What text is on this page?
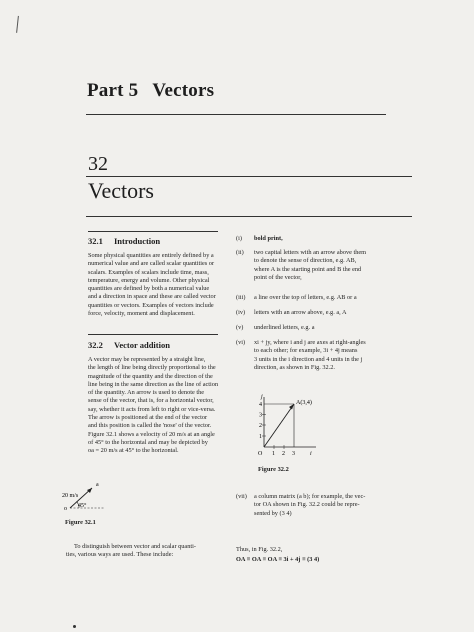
Part 5 Vectors
32
Vectors
32.1 Introduction
Some physical quantities are entirely defined by a
numerical value and are called scalar quantities or
scalars. Examples of scalars include time, mass,
temperature, energy and volume. Other physical
quantities are defined by both a numerical value
and a direction in space and these are called vector
quantities or vectors. Examples of vectors include
force, velocity, moment and displacement.
32.2 Vector addition
A vector may be represented by a straight line,
the length of line being directly proportional to the
magnitude of the quantity and the direction of the
line being in the same direction as the line of action
of the quantity. An arrow is used to denote the
sense of the vector, that is, for a horizontal vector,
say, whether it acts from left to right or vice-versa.
The arrow is positioned at the end of the vector
and this position is called the 'nose' of the vector.
Figure 32.1 shows a velocity of 20 m/s at an angle
of 45° to the horizontal and may be depicted by
oa = 20 m/s at 45° to the horizontal.
a
20 m/s
o 45°
Figure 32.1
To distinguish between vector and scalar quanti-
ties, various ways are used. These include:
(i) bold print,
(ii) two capital letters with an arrow above them
to denote the sense of direction, e.g. AB,
where A is the starting point and B the end
point of the vector,
(iii) a line over the top of letters, e.g. AB or a
(iv) letters with an arrow above, e.g. a, A
(v) underlined letters, e.g. a
(vi) xi + jy, where i and j are axes at right-angles
to each other; for example, 3i + 4j means
3 units in the i direction and 4 units in the j
direction, as shown in Fig. 32.2.
1
2
3
4
1 2 3
O	i
j
A(3,4)
Figure 32.2
(vii) a column matrix (a b); for example, the vec-
tor OA shown in Fig. 32.2 could be repre-
sented by (3 4)
Thus, in Fig. 32.2,
OA ≡ OA ≡ OA ≡ 3i + 4j ≡ (3 4)
